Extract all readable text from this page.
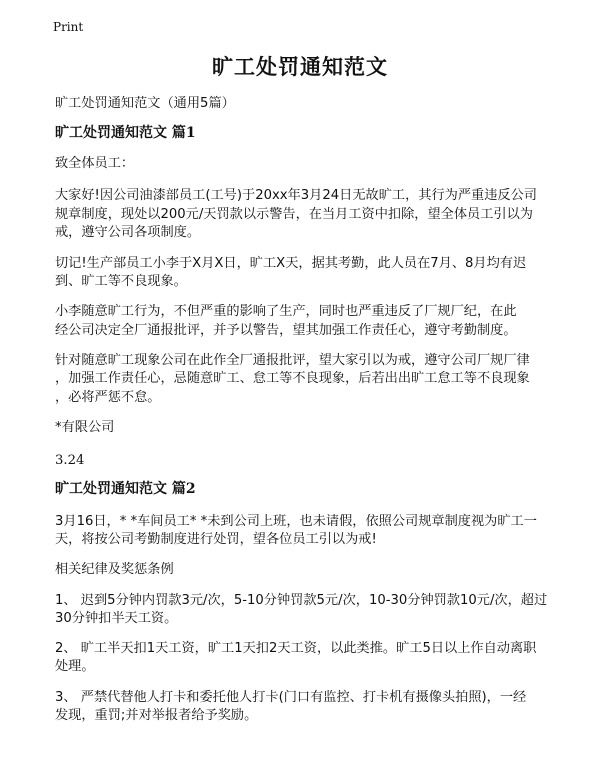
Print
旷工处罚通知范文
旷工处罚通知范文（通用5篇）
旷工处罚通知范文 篇1
致全体员工：
大家好!因公司油漆部员工(工号)于20xx年3月24日无故旷工，其行为严重违反公司
规章制度，现处以200元/天罚款以示警告，在当月工资中扣除，望全体员工引以为
戒，遵守公司各项制度。
切记!生产部员工小李于X月X日，旷工X天，据其考勤，此人员在7月、8月均有迟
到、旷工等不良现象。
小李随意旷工行为，不但严重的影响了生产，同时也严重违反了厂规厂纪，在此
经公司决定全厂通报批评，并予以警告，望其加强工作责任心，遵守考勤制度。
针对随意旷工现象公司在此作全厂通报批评，望大家引以为戒，遵守公司厂规厂律
，加强工作责任心，忌随意旷工、怠工等不良现象，后若出出旷工怠工等不良现象
，必将严惩不怠。
*有限公司
3.24
旷工处罚通知范文 篇2
3月16日，* *车间员工* *未到公司上班，也未请假，依照公司规章制度视为旷工一
天，将按公司考勤制度进行处罚，望各位员工引以为戒!
相关纪律及奖惩条例
1、 迟到5分钟内罚款3元/次，5-10分钟罚款5元/次，10-30分钟罚款10元/次，超过
30分钟扣半天工资。
2、 旷工半天扣1天工资，旷工1天扣2天工资，以此类推。旷工5日以上作自动离职
处理。
3、 严禁代替他人打卡和委托他人打卡(门口有监控、打卡机有摄像头拍照)，一经
发现，重罚;并对举报者给予奖励。
